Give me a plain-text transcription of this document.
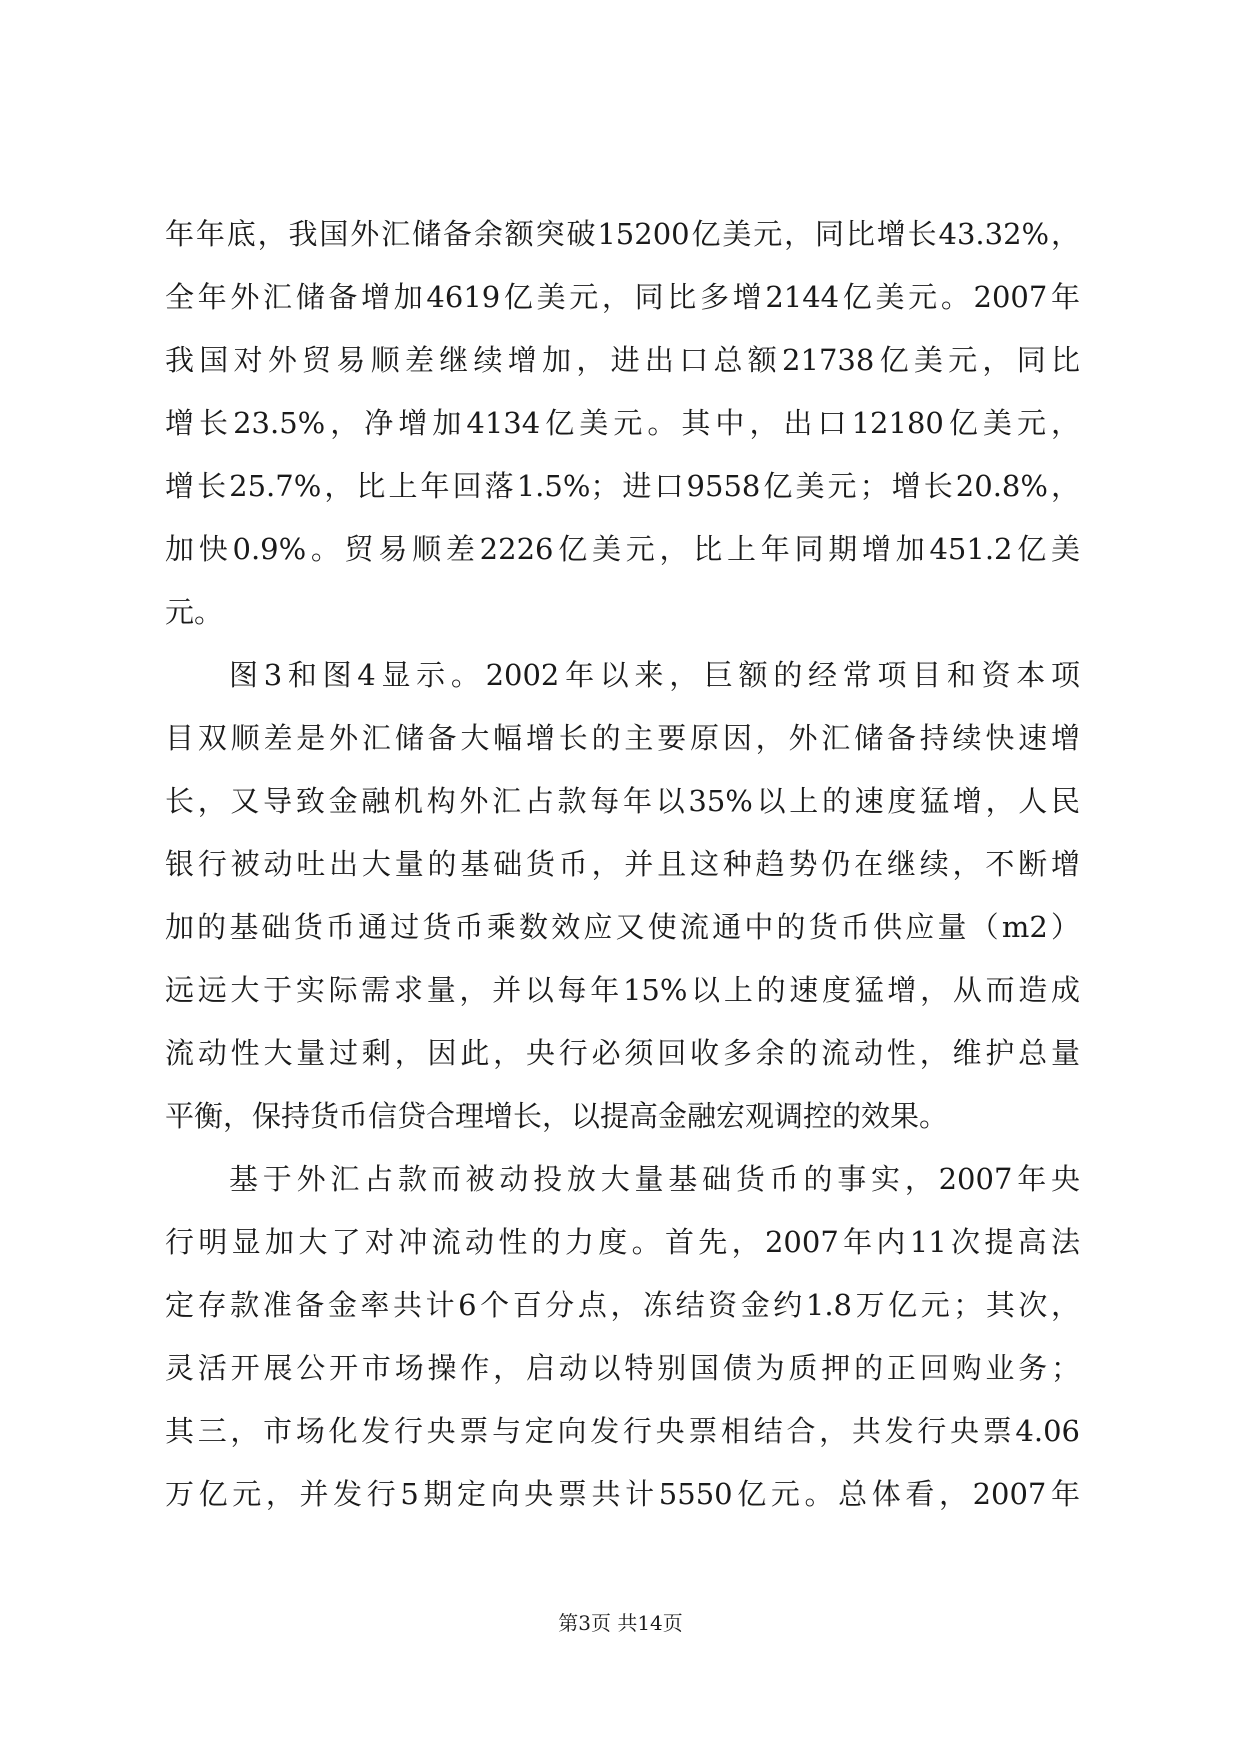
年年底，我国外汇储备余额突破15200亿美元，同比增长43.32%，
全年外汇储备增加4619亿美元，同比多增2144亿美元。2007年
我国对外贸易顺差继续增加，进出口总额21738亿美元，同比
增长23.5%，净增加4134亿美元。其中，出口12180亿美元，
增长25.7%，比上年回落1.5%；进口9558亿美元；增长20.8%，
加快0.9%。贸易顺差2226亿美元，比上年同期增加451.2亿美
元。
图3和图4显示。2002年以来，巨额的经常项目和资本项
目双顺差是外汇储备大幅增长的主要原因，外汇储备持续快速增
长，又导致金融机构外汇占款每年以35%以上的速度猛增，人民
银行被动吐出大量的基础货币，并且这种趋势仍在继续，不断增
加的基础货币通过货币乘数效应又使流通中的货币供应量（m2）
远远大于实际需求量，并以每年15%以上的速度猛增，从而造成
流动性大量过剩，因此，央行必须回收多余的流动性，维护总量
平衡，保持货币信贷合理增长，以提高金融宏观调控的效果。
基于外汇占款而被动投放大量基础货币的事实，2007年央
行明显加大了对冲流动性的力度。首先，2007年内11次提高法
定存款准备金率共计6个百分点，冻结资金约1.8万亿元；其次，
灵活开展公开市场操作，启动以特别国债为质押的正回购业务；
其三，市场化发行央票与定向发行央票相结合，共发行央票4.06
万亿元，并发行5期定向央票共计5550亿元。总体看，2007年
第3页 共14页
